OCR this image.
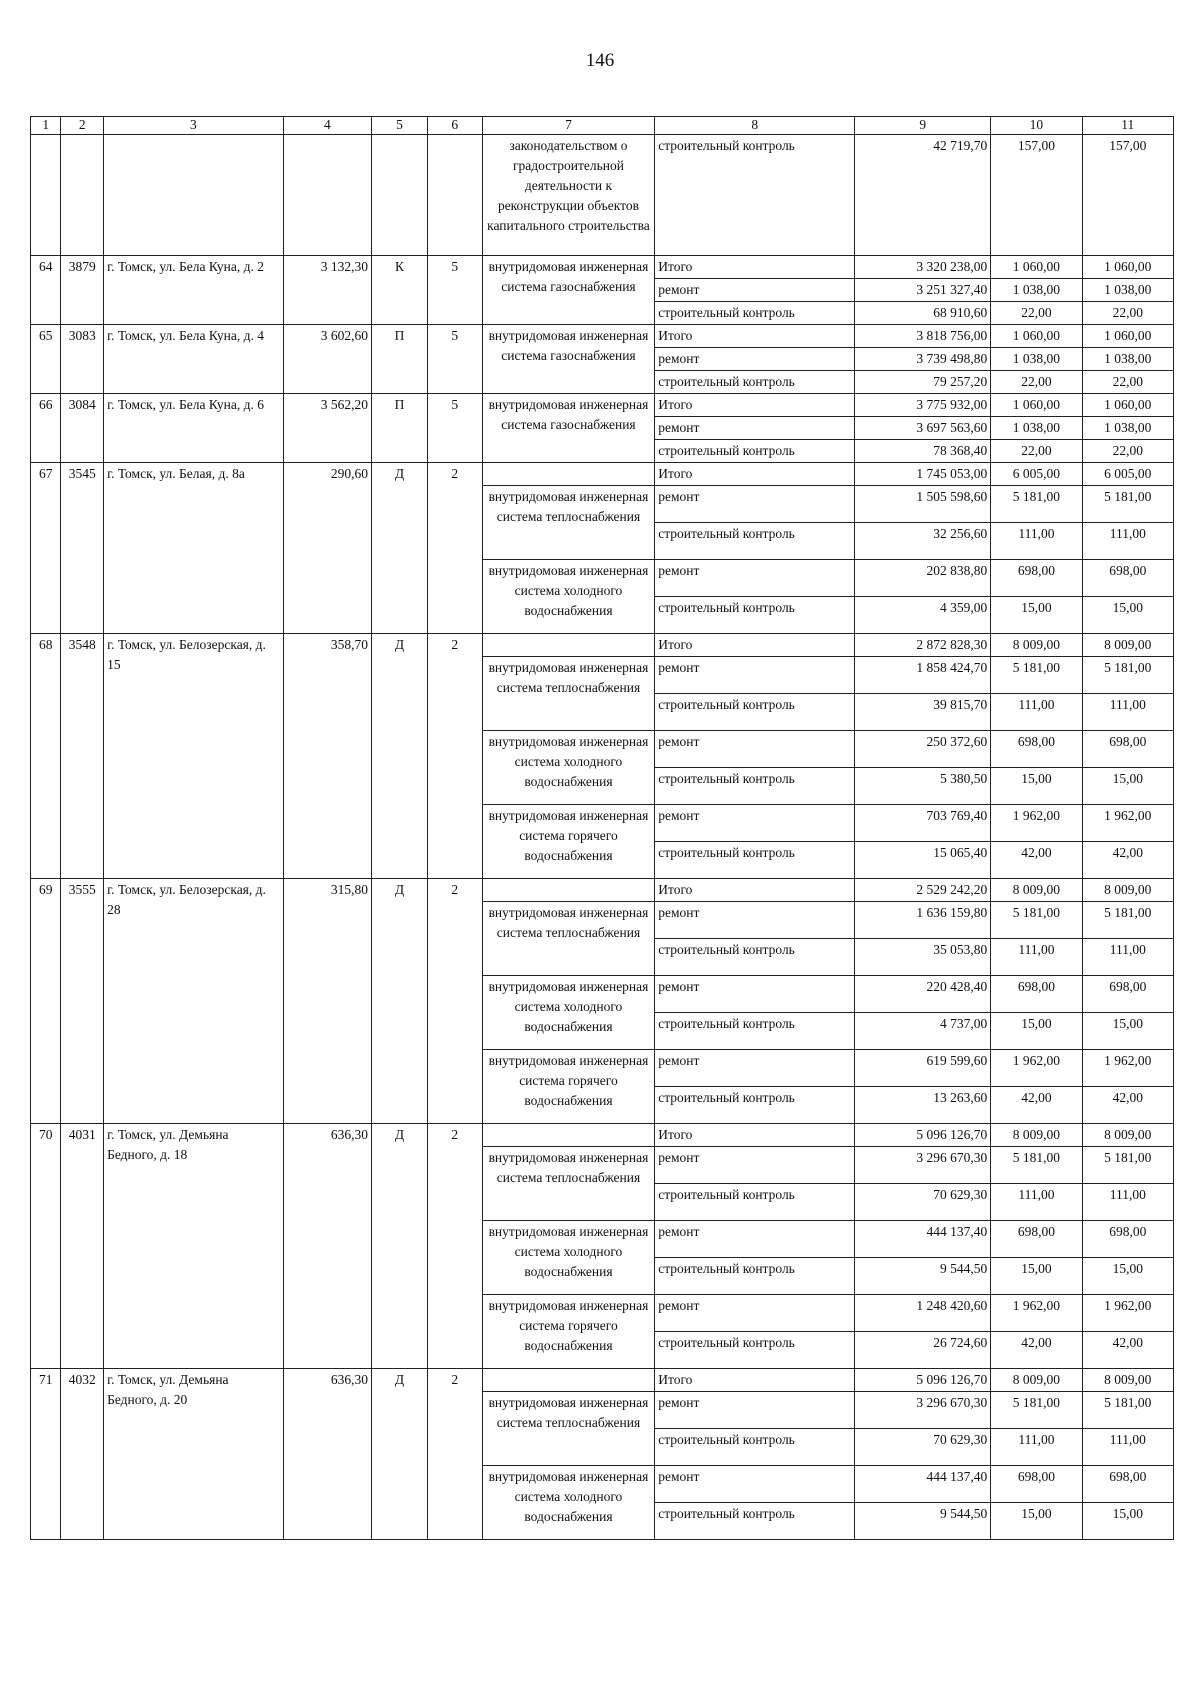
146
1	2	3	4	5	6	7	8	9	10	11
						законодательством о градостроительной деятельности к реконструкции объектов капитального строительства	строительный контроль	42 719,70	157,00	157,00
64	3879	г. Томск, ул. Бела Куна, д. 2	3 132,30	К	5	внутридомовая инженерная система газоснабжения	Итого	3 320 238,00	1 060,00	1 060,00
							ремонт	3 251 327,40	1 038,00	1 038,00
							строительный контроль	68 910,60	22,00	22,00
65	3083	г. Томск, ул. Бела Куна, д. 4	3 602,60	П	5	внутридомовая инженерная система газоснабжения	Итого	3 818 756,00	1 060,00	1 060,00
							ремонт	3 739 498,80	1 038,00	1 038,00
							строительный контроль	79 257,20	22,00	22,00
66	3084	г. Томск, ул. Бела Куна, д. 6	3 562,20	П	5	внутридомовая инженерная система газоснабжения	Итого	3 775 932,00	1 060,00	1 060,00
							ремонт	3 697 563,60	1 038,00	1 038,00
							строительный контроль	78 368,40	22,00	22,00
67	3545	г. Томск, ул. Белая, д. 8а	290,60	Д	2		Итого	1 745 053,00	6 005,00	6 005,00
						внутридомовая инженерная система теплоснабжения	ремонт	1 505 598,60	5 181,00	5 181,00
							строительный контроль	32 256,60	111,00	111,00
						внутридомовая инженерная система холодного водоснабжения	ремонт	202 838,80	698,00	698,00
							строительный контроль	4 359,00	15,00	15,00
68	3548	г. Томск, ул. Белозерская, д. 15	358,70	Д	2		Итого	2 872 828,30	8 009,00	8 009,00
						внутридомовая инженерная система теплоснабжения	ремонт	1 858 424,70	5 181,00	5 181,00
							строительный контроль	39 815,70	111,00	111,00
						внутридомовая инженерная система холодного водоснабжения	ремонт	250 372,60	698,00	698,00
							строительный контроль	5 380,50	15,00	15,00
						внутридомовая инженерная система горячего водоснабжения	ремонт	703 769,40	1 962,00	1 962,00
							строительный контроль	15 065,40	42,00	42,00
69	3555	г. Томск, ул. Белозерская, д. 28	315,80	Д	2		Итого	2 529 242,20	8 009,00	8 009,00
						внутридомовая инженерная система теплоснабжения	ремонт	1 636 159,80	5 181,00	5 181,00
							строительный контроль	35 053,80	111,00	111,00
						внутридомовая инженерная система холодного водоснабжения	ремонт	220 428,40	698,00	698,00
							строительный контроль	4 737,00	15,00	15,00
						внутридомовая инженерная система горячего водоснабжения	ремонт	619 599,60	1 962,00	1 962,00
							строительный контроль	13 263,60	42,00	42,00
70	4031	г. Томск, ул. Демьяна Бедного, д. 18	636,30	Д	2		Итого	5 096 126,70	8 009,00	8 009,00
						внутридомовая инженерная система теплоснабжения	ремонт	3 296 670,30	5 181,00	5 181,00
							строительный контроль	70 629,30	111,00	111,00
						внутридомовая инженерная система холодного водоснабжения	ремонт	444 137,40	698,00	698,00
							строительный контроль	9 544,50	15,00	15,00
						внутридомовая инженерная система горячего водоснабжения	ремонт	1 248 420,60	1 962,00	1 962,00
							строительный контроль	26 724,60	42,00	42,00
71	4032	г. Томск, ул. Демьяна Бедного, д. 20	636,30	Д	2		Итого	5 096 126,70	8 009,00	8 009,00
						внутридомовая инженерная система теплоснабжения	ремонт	3 296 670,30	5 181,00	5 181,00
							строительный контроль	70 629,30	111,00	111,00
						внутридомовая инженерная система холодного водоснабжения	ремонт	444 137,40	698,00	698,00
							строительный контроль	9 544,50	15,00	15,00
